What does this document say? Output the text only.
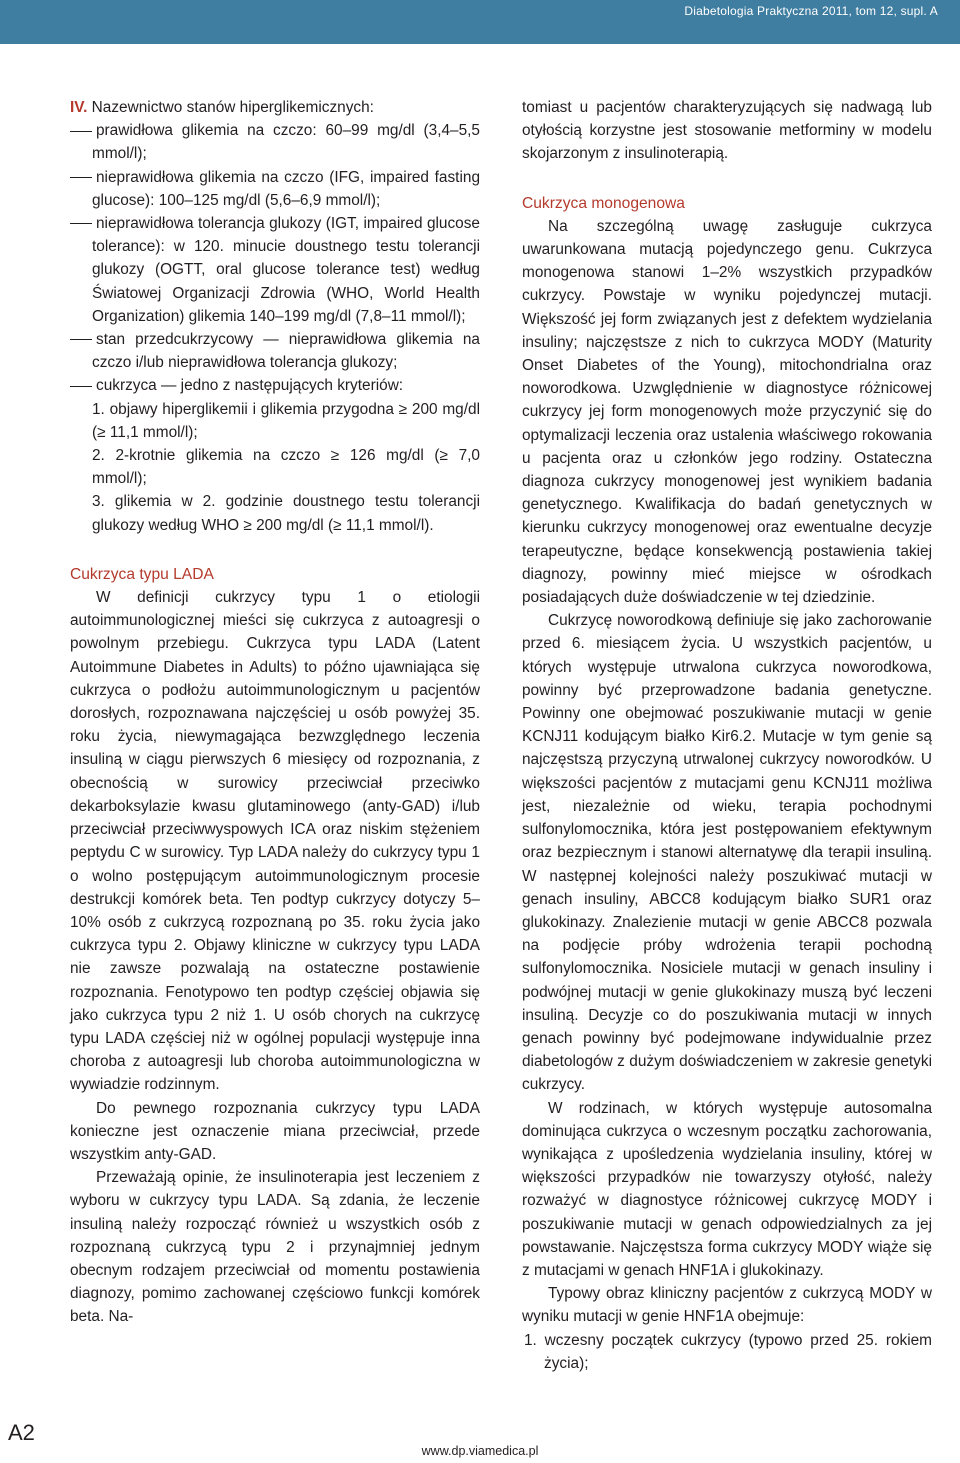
Diabetologia Praktyczna 2011, tom 12, supl. A

IV. Nazewnictwo stanów hiperglikemicznych:

prawidłowa glikemia na czczo: 60–99 mg/dl (3,4–5,5 mmol/l);

nieprawidłowa glikemia na czczo (IFG, impaired fasting glucose): 100–125 mg/dl (5,6–6,9 mmol/l);

nieprawidłowa tolerancja glukozy (IGT, impaired glucose tolerance): w 120. minucie doustnego testu tolerancji glukozy (OGTT, oral glucose tolerance test) według Światowej Organizacji Zdrowia (WHO, World Health Organization) glikemia 140–199 mg/dl (7,8–11 mmol/l);

stan przedcukrzycowy — nieprawidłowa glikemia na czczo i/lub nieprawidłowa tolerancja glukozy;

cukrzyca — jedno z następujących kryteriów:

1. objawy hiperglikemii i glikemia przygodna ≥ 200 mg/dl (≥ 11,1 mmol/l);

2. 2-krotnie glikemia na czczo ≥ 126 mg/dl (≥ 7,0 mmol/l);

3. glikemia w 2. godzinie doustnego testu tolerancji glukozy według WHO ≥ 200 mg/dl (≥ 11,1 mmol/l).

Cukrzyca typu LADA

W definicji cukrzycy typu 1 o etiologii autoimmunologicznej mieści się cukrzyca z autoagresji o powolnym przebiegu. Cukrzyca typu LADA (Latent Autoimmune Diabetes in Adults) to późno ujawniająca się cukrzyca o podłożu autoimmunologicznym u pacjentów dorosłych, rozpoznawana najczęściej u osób powyżej 35. roku życia, niewymagająca bezwzględnego leczenia insuliną w ciągu pierwszych 6 miesięcy od rozpoznania, z obecnością w surowicy przeciwciał przeciwko dekarboksylazie kwasu glutaminowego (anty-GAD) i/lub przeciwciał przeciwwyspowych ICA oraz niskim stężeniem peptydu C w surowicy. Typ LADA należy do cukrzycy typu 1 o wolno postępującym autoimmunologicznym procesie destrukcji komórek beta. Ten podtyp cukrzycy dotyczy 5–10% osób z cukrzycą rozpoznaną po 35. roku życia jako cukrzyca typu 2. Objawy kliniczne w cukrzycy typu LADA nie zawsze pozwalają na ostateczne postawienie rozpoznania. Fenotypowo ten podtyp częściej objawia się jako cukrzyca typu 2 niż 1. U osób chorych na cukrzycę typu LADA częściej niż w ogólnej populacji występuje inna choroba z autoagresji lub choroba autoimmunologiczna w wywiadzie rodzinnym.

Do pewnego rozpoznania cukrzycy typu LADA konieczne jest oznaczenie miana przeciwciał, przede wszystkim anty-GAD.

Przeważają opinie, że insulinoterapia jest leczeniem z wyboru w cukrzycy typu LADA. Są zdania, że leczenie insuliną należy rozpocząć również u wszystkich osób z rozpoznaną cukrzycą typu 2 i przynajmniej jednym obecnym rodzajem przeciwciał od momentu postawienia diagnozy, pomimo zachowanej częściowo funkcji komórek beta. Na-

tomiast u pacjentów charakteryzujących się nadwagą lub otyłością korzystne jest stosowanie metforminy w modelu skojarzonym z insulinoterapią.

Cukrzyca monogenowa

Na szczególną uwagę zasługuje cukrzyca uwarunkowana mutacją pojedynczego genu. Cukrzyca monogenowa stanowi 1–2% wszystkich przypadków cukrzycy. Powstaje w wyniku pojedynczej mutacji. Większość jej form związanych jest z defektem wydzielania insuliny; najczęstsze z nich to cukrzyca MODY (Maturity Onset Diabetes of the Young), mitochondrialna oraz noworodkowa. Uzwględnienie w diagnostyce różnicowej cukrzycy jej form monogenowych może przyczynić się do optymalizacji leczenia oraz ustalenia właściwego rokowania u pacjenta oraz u członków jego rodziny. Ostateczna diagnoza cukrzycy monogenowej jest wynikiem badania genetycznego. Kwalifikacja do badań genetycznych w kierunku cukrzycy monogenowej oraz ewentualne decyzje terapeutyczne, będące konsekwencją postawienia takiej diagnozy, powinny mieć miejsce w ośrodkach posiadających duże doświadczenie w tej dziedzinie.

Cukrzycę noworodkową definiuje się jako zachorowanie przed 6. miesiącem życia. U wszystkich pacjentów, u których występuje utrwalona cukrzyca noworodkowa, powinny być przeprowadzone badania genetyczne. Powinny one obejmować poszukiwanie mutacji w genie KCNJ11 kodującym białko Kir6.2. Mutacje w tym genie są najczęstszą przyczyną utrwalonej cukrzycy noworodków. U większości pacjentów z mutacjami genu KCNJ11 możliwa jest, niezależnie od wieku, terapia pochodnymi sulfonylomocznika, która jest postępowaniem efektywnym oraz bezpiecznym i stanowi alternatywę dla terapii insuliną. W następnej kolejności należy poszukiwać mutacji w genach insuliny, ABCC8 kodującym białko SUR1 oraz glukokinazy. Znalezienie mutacji w genie ABCC8 pozwala na podjęcie próby wdrożenia terapii pochodną sulfonylomocznika. Nosiciele mutacji w genach insuliny i podwójnej mutacji w genie glukokinazy muszą być leczeni insuliną. Decyzje co do poszukiwania mutacji w innych genach powinny być podejmowane indywidualnie przez diabetologów z dużym doświadczeniem w zakresie genetyki cukrzycy.

W rodzinach, w których występuje autosomalna dominująca cukrzyca o wczesnym początku zachorowania, wynikająca z upośledzenia wydzielania insuliny, której w większości przypadków nie towarzyszy otyłość, należy rozważyć w diagnostyce różnicowej cukrzycę MODY i poszukiwanie mutacji w genach odpowiedzialnych za jej powstawanie. Najczęstsza forma cukrzycy MODY wiąże się z mutacjami w genach HNF1A i glukokinazy.

Typowy obraz kliniczny pacjentów z cukrzycą MODY w wyniku mutacji w genie HNF1A obejmuje:

1. wczesny początek cukrzycy (typowo przed 25. rokiem życia);

A2
www.dp.viamedica.pl
